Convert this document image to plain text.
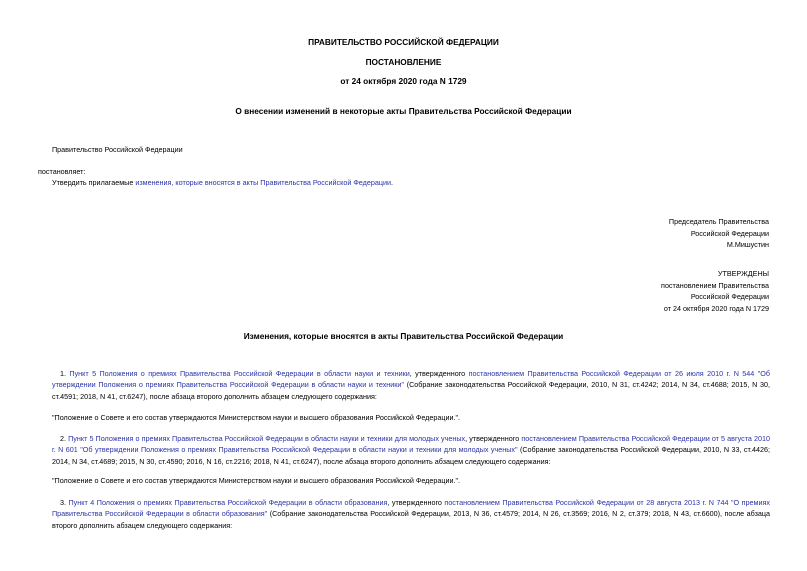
ПРАВИТЕЛЬСТВО РОССИЙСКОЙ ФЕДЕРАЦИИ
ПОСТАНОВЛЕНИЕ
от 24 октября 2020 года N 1729
О внесении изменений в некоторые акты Правительства Российской Федерации
Правительство Российской Федерации
постановляет:
Утвердить прилагаемые изменения, которые вносятся в акты Правительства Российской Федерации.
Председатель Правительства
Российской Федерации
М.Мишустин
УТВЕРЖДЕНЫ
постановлением Правительства
Российской Федерации
от 24 октября 2020 года N 1729
Изменения, которые вносятся в акты Правительства Российской Федерации
1. Пункт 5 Положения о премиях Правительства Российской Федерации в области науки и техники, утвержденного постановлением Правительства Российской Федерации от 26 июля 2010 г. N 544 "Об утверждении Положения о премиях Правительства Российской Федерации в области науки и техники" (Собрание законодательства Российской Федерации, 2010, N 31, ст.4242; 2014, N 34, ст.4688; 2015, N 30, ст.4591; 2018, N 41, ст.6247), после абзаца второго дополнить абзацем следующего содержания:
"Положение о Совете и его состав утверждаются Министерством науки и высшего образования Российской Федерации.".
2. Пункт 5 Положения о премиях Правительства Российской Федерации в области науки и техники для молодых ученых, утвержденного постановлением Правительства Российской Федерации от 5 августа 2010 г. N 601 "Об утверждении Положения о премиях Правительства Российской Федерации в области науки и техники для молодых ученых" (Собрание законодательства Российской Федерации, 2010, N 33, ст.4426; 2014, N 34, ст.4689; 2015, N 30, ст.4590; 2016, N 16, ст.2216; 2018, N 41, ст.6247), после абзаца второго дополнить абзацем следующего содержания:
"Положение о Совете и его состав утверждаются Министерством науки и высшего образования Российской Федерации.".
3. Пункт 4 Положения о премиях Правительства Российской Федерации в области образования, утвержденного постановлением Правительства Российской Федерации от 28 августа 2013 г. N 744 "О премиях Правительства Российской Федерации в области образования" (Собрание законодательства Российской Федерации, 2013, N 36, ст.4579; 2014, N 26, ст.3569; 2016, N 2, ст.379; 2018, N 43, ст.6600), после абзаца второго дополнить абзацем следующего содержания:
